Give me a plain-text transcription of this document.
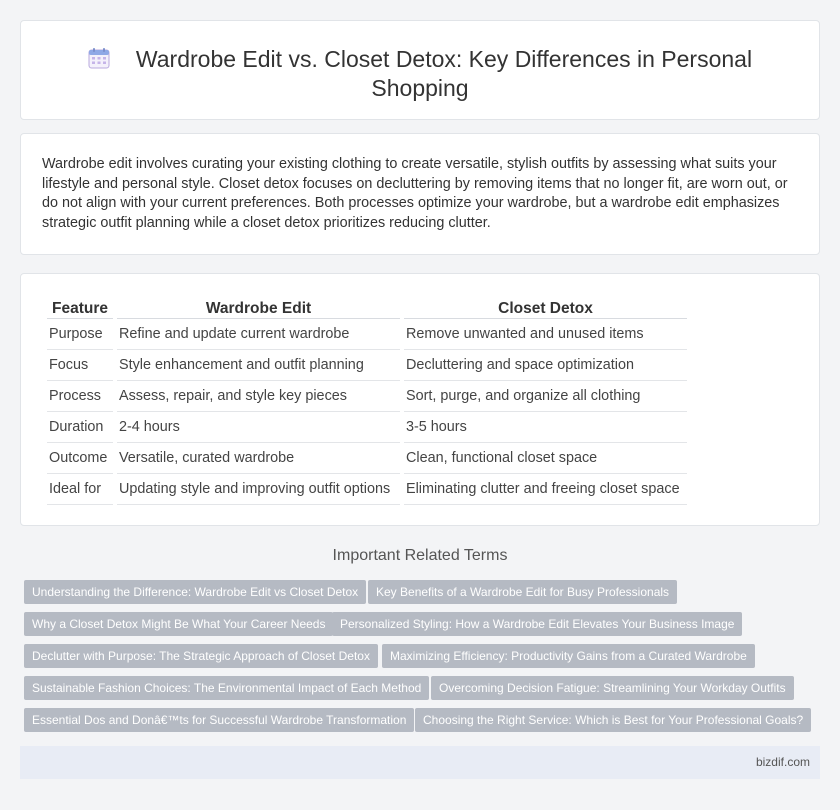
Wardrobe Edit vs. Closet Detox: Key Differences in Personal Shopping

Wardrobe edit involves curating your existing clothing to create versatile, stylish outfits by assessing what suits your lifestyle and personal style. Closet detox focuses on decluttering by removing items that no longer fit, are worn out, or do not align with your current preferences. Both processes optimize your wardrobe, but a wardrobe edit emphasizes strategic outfit planning while a closet detox prioritizes reducing clutter.

Feature	Wardrobe Edit	Closet Detox
Purpose	Refine and update current wardrobe	Remove unwanted and unused items
Focus	Style enhancement and outfit planning	Decluttering and space optimization
Process	Assess, repair, and style key pieces	Sort, purge, and organize all clothing
Duration	2-4 hours	3-5 hours
Outcome	Versatile, curated wardrobe	Clean, functional closet space
Ideal for	Updating style and improving outfit options	Eliminating clutter and freeing closet space
Important Related Terms
Understanding the Difference: Wardrobe Edit vs Closet Detox	Key Benefits of a Wardrobe Edit for Busy Professionals
Why a Closet Detox Might Be What Your Career Needs	Personalized Styling: How a Wardrobe Edit Elevates Your Business Image
Declutter with Purpose: The Strategic Approach of Closet Detox	Maximizing Efficiency: Productivity Gains from a Curated Wardrobe
Sustainable Fashion Choices: The Environmental Impact of Each Method	Overcoming Decision Fatigue: Streamlining Your Workday Outfits
Essential Dos and Donâ€™ts for Successful Wardrobe Transformation	Choosing the Right Service: Which is Best for Your Professional Goals?
bizdif.com
